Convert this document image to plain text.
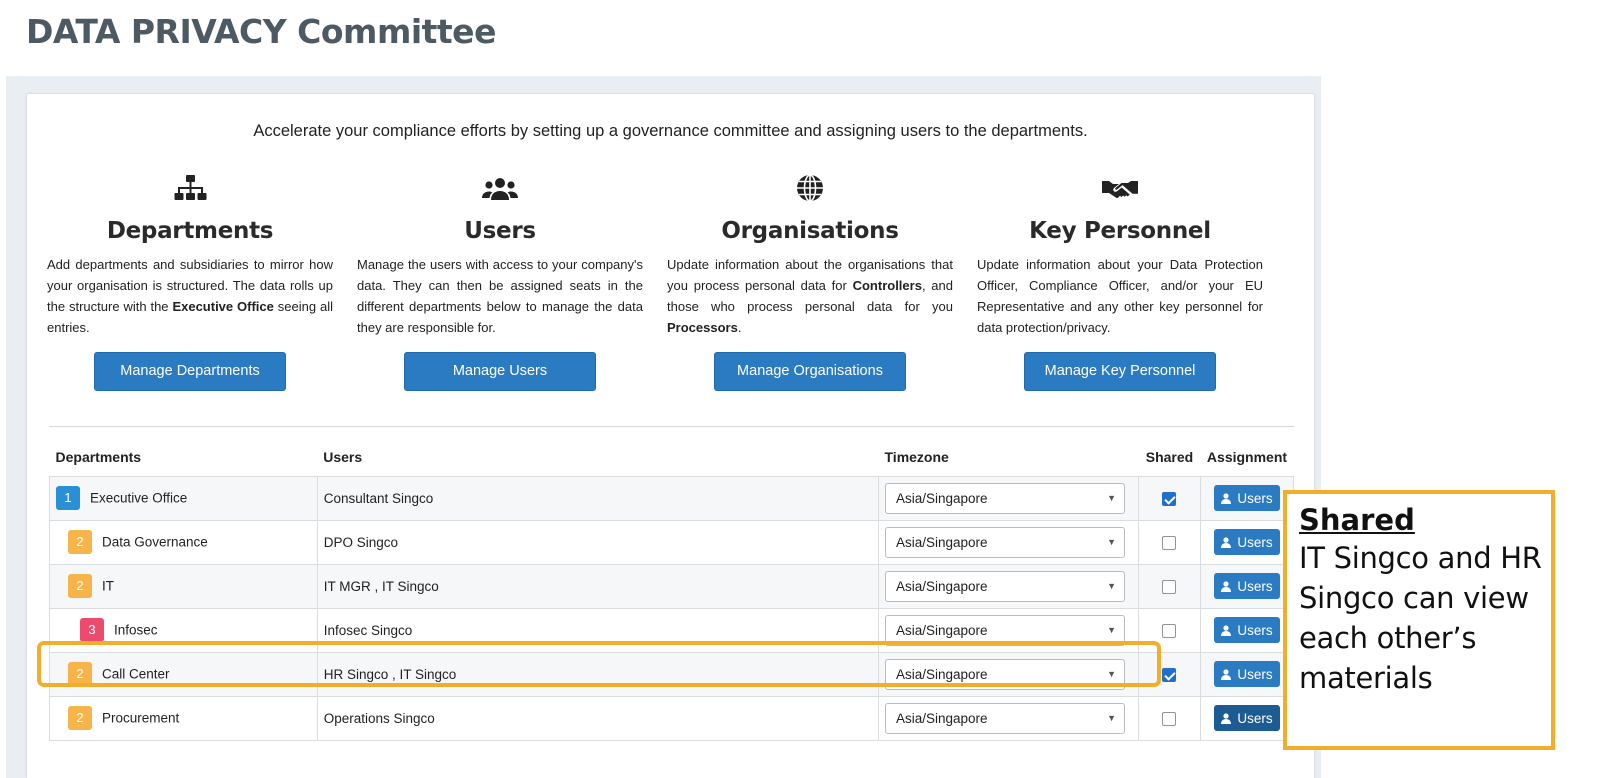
DATA PRIVACY Committee
Accelerate your compliance efforts by setting up a governance committee and assigning users to the departments.
Departments

Add departments and subsidiaries to mirror how your organisation is structured. The data rolls up the structure with the Executive Office seeing all entries.

Manage Departments
Users

Manage the users with access to your company's data. They can then be assigned seats in the different departments below to manage the data they are responsible for.

Manage Users
Organisations

Update information about the organisations that you process personal data for Controllers, and those who process personal data for you Processors.

Manage Organisations
Key Personnel

Update information about your Data Protection Officer, Compliance Officer, and/or your EU Representative and any other key personnel for data protection/privacy.

Manage Key Personnel
Departments	Users	Timezone	Shared	Assignment
1 Executive Office	Consultant Singco	Asia/Singapore ▼		Users

2 Data Governance	DPO Singco	Asia/Singapore ▼		Users

2 IT	IT MGR , IT Singco	Asia/Singapore ▼		Users

3 Infosec	Infosec Singco	Asia/Singapore ▼		Users

2 Call Center	HR Singco , IT Singco	Asia/Singapore ▼		Users

2 Procurement	Operations Singco	Asia/Singapore ▼		Users
Shared
IT Singco and HR Singco can view each other’s materials
